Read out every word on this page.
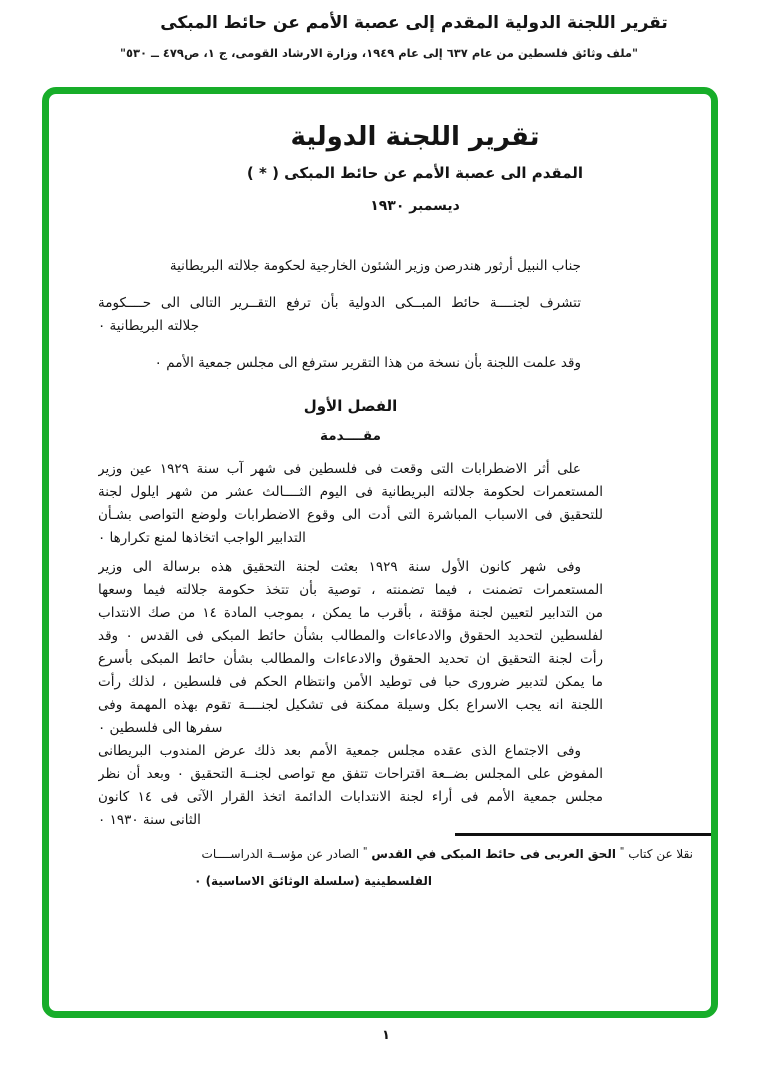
تقرير اللجنة الدولية المقدم إلى عصبة الأمم عن حائط المبكى
"ملف وثائق فلسطين من عام ٦٣٧ إلى عام ١٩٤٩، وزارة الارشاد القومى، ج ١، ص٤٧٩ ــ ٥٣٠"
تقرير اللجنة الدولية
المقدم الى عصبة الأمم عن حائط المبكى ( * )
ديسمبر ١٩٣٠
جناب النبيل أرثور هندرصن وزير الشئون الخارجية لحكومة جلالته البريطانية
تتشرف لجنــــة حائط المبــكى الدولية بأن ترفع التقــرير التالى الى حــــكومة
جلالته البريطانية ٠
وقد علمت اللجنة بأن نسخة من هذا التقرير سترفع الى مجلس جمعية الأمم ٠
الفصل الأول
مقــــدمة
على أثر الاضطرابات التى وقعت فى فلسطين فى شهر آب سنة ١٩٢٩ عين وزير
المستعمرات لحكومة جلالته البريطانية فى اليوم الثــــالث عشر من شهر ايلول لجنة
للتحقيق فى الاسباب المباشرة التى أدت الى وقوع الاضطرابات ولوضع التواصى بشـأن
التدابير الواجب اتخاذها لمنع تكرارها ٠
وفى شهر كانون الأول سنة ١٩٢٩ بعثت لجنة التحقيق هذه برسالة الى وزير
المستعمرات تضمنت ، فيما تضمنته ، توصية بأن تتخذ حكومة جلالته فيما وسعها
من التدابير لتعيين لجنة مؤقتة ، بأقرب ما يمكن ، بموجب المادة ١٤ من صك الانتداب
لفلسطين لتحديد الحقوق والادعاءات والمطالب بشأن حائط المبكى فى القدس ٠ وقد
رأت لجنة التحقيق ان تحديد الحقوق والادعاءات والمطالب بشأن حائط المبكى بأسرع
ما يمكن لتدبير ضرورى حبا فى توطيد الأمن وانتظام الحكم فى فلسطين ، لذلك رأت
اللجنة انه يجب الاسراع بكل وسيلة ممكنة فى تشكيل لجنــــة تقوم بهذه المهمة وفى
سفرها الى فلسطين ٠
وفى الاجتماع الذى عقده مجلس جمعية الأمم بعد ذلك عرض المندوب البريطانى
المفوض على المجلس بضــعة اقتراحات تتفق مع تواصى لجنــة التحقيق ٠ وبعد أن نظر
مجلس جمعية الأمم فى أراء لجنة الانتدابات الدائمة اتخذ القرار الآتى فى ١٤ كانون
الثانى سنة ١٩٣٠ ٠
نقلا عن كتاب " الحق العربى فى حائط المبكى في القدس " الصادر عن مؤســة الدراســــات
الفلسطينية (سلسلة الوثائق الاساسية) ٠
١
